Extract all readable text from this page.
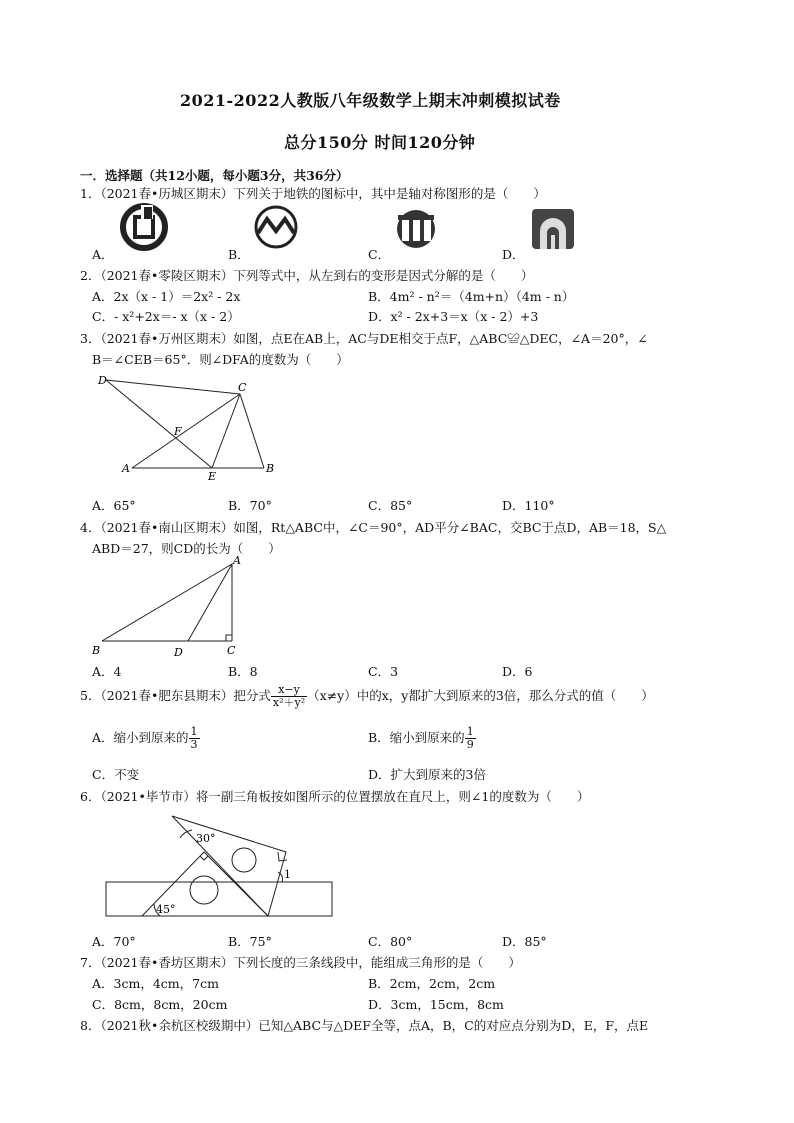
2021-2022人教版八年级数学上期末冲刺模拟试卷
总分150分 时间120分钟
一．选择题（共12小题，每小题3分，共36分）
1．（2021春•历城区期末）下列关于地铁的图标中，其中是轴对称图形的是（　　）
A．	B．	C．	D．
2．（2021春•零陵区期末）下列等式中，从左到右的变形是因式分解的是（　　）
A．2x（x - 1）＝2x² - 2x	B．4m² - n²＝（4m+n）（4m - n）
C．- x²+2x＝- x（x - 2）	D．x² - 2x+3＝x（x - 2）+3
3．（2021春•万州区期末）如图，点E在AB上，AC与DE相交于点F，△ABC≌△DEC，∠A＝20°，∠
B＝∠CEB＝65°．则∠DFA的度数为（　　）
D
C
F
A
E
B
A．65°	B．70°	C．85°	D．110°
4．（2021春•南山区期末）如图，Rt△ABC中，∠C＝90°，AD平分∠BAC，交BC于点D，AB＝18，S△
ABD＝27，则CD的长为（　　）
A
B	D	C
A．4	B．8	C．3	D．6
5．（2021春•肥东县期末）把分式 $\frac{x-y}{\text{x²＋y²}} (x\ne y)$中的x，y都扩大到原来的3倍，那么分式的值（　　）
A．缩小到原来的 $\frac{1}{3}$	B．缩小到原来的 $\frac{1}{9}$
C．不变	D．扩大到原来的3倍
6．（2021•毕节市）将一副三角板按如图所示的位置摆放在直尺上，则∠1的度数为（　　）
30°
45°
1
A．70°	B．75°	C．80°	D．85°
7．（2021春•香坊区期末）下列长度的三条线段中，能组成三角形的是（　　）
A．3cm，4cm，7cm	B．2cm，2cm，2cm
C．8cm，8cm，20cm	D．3cm，15cm，8cm
8．（2021秋•余杭区校级期中）已知△ABC与△DEF全等，点A，B，C的对应点分别为D，E，F，点E
